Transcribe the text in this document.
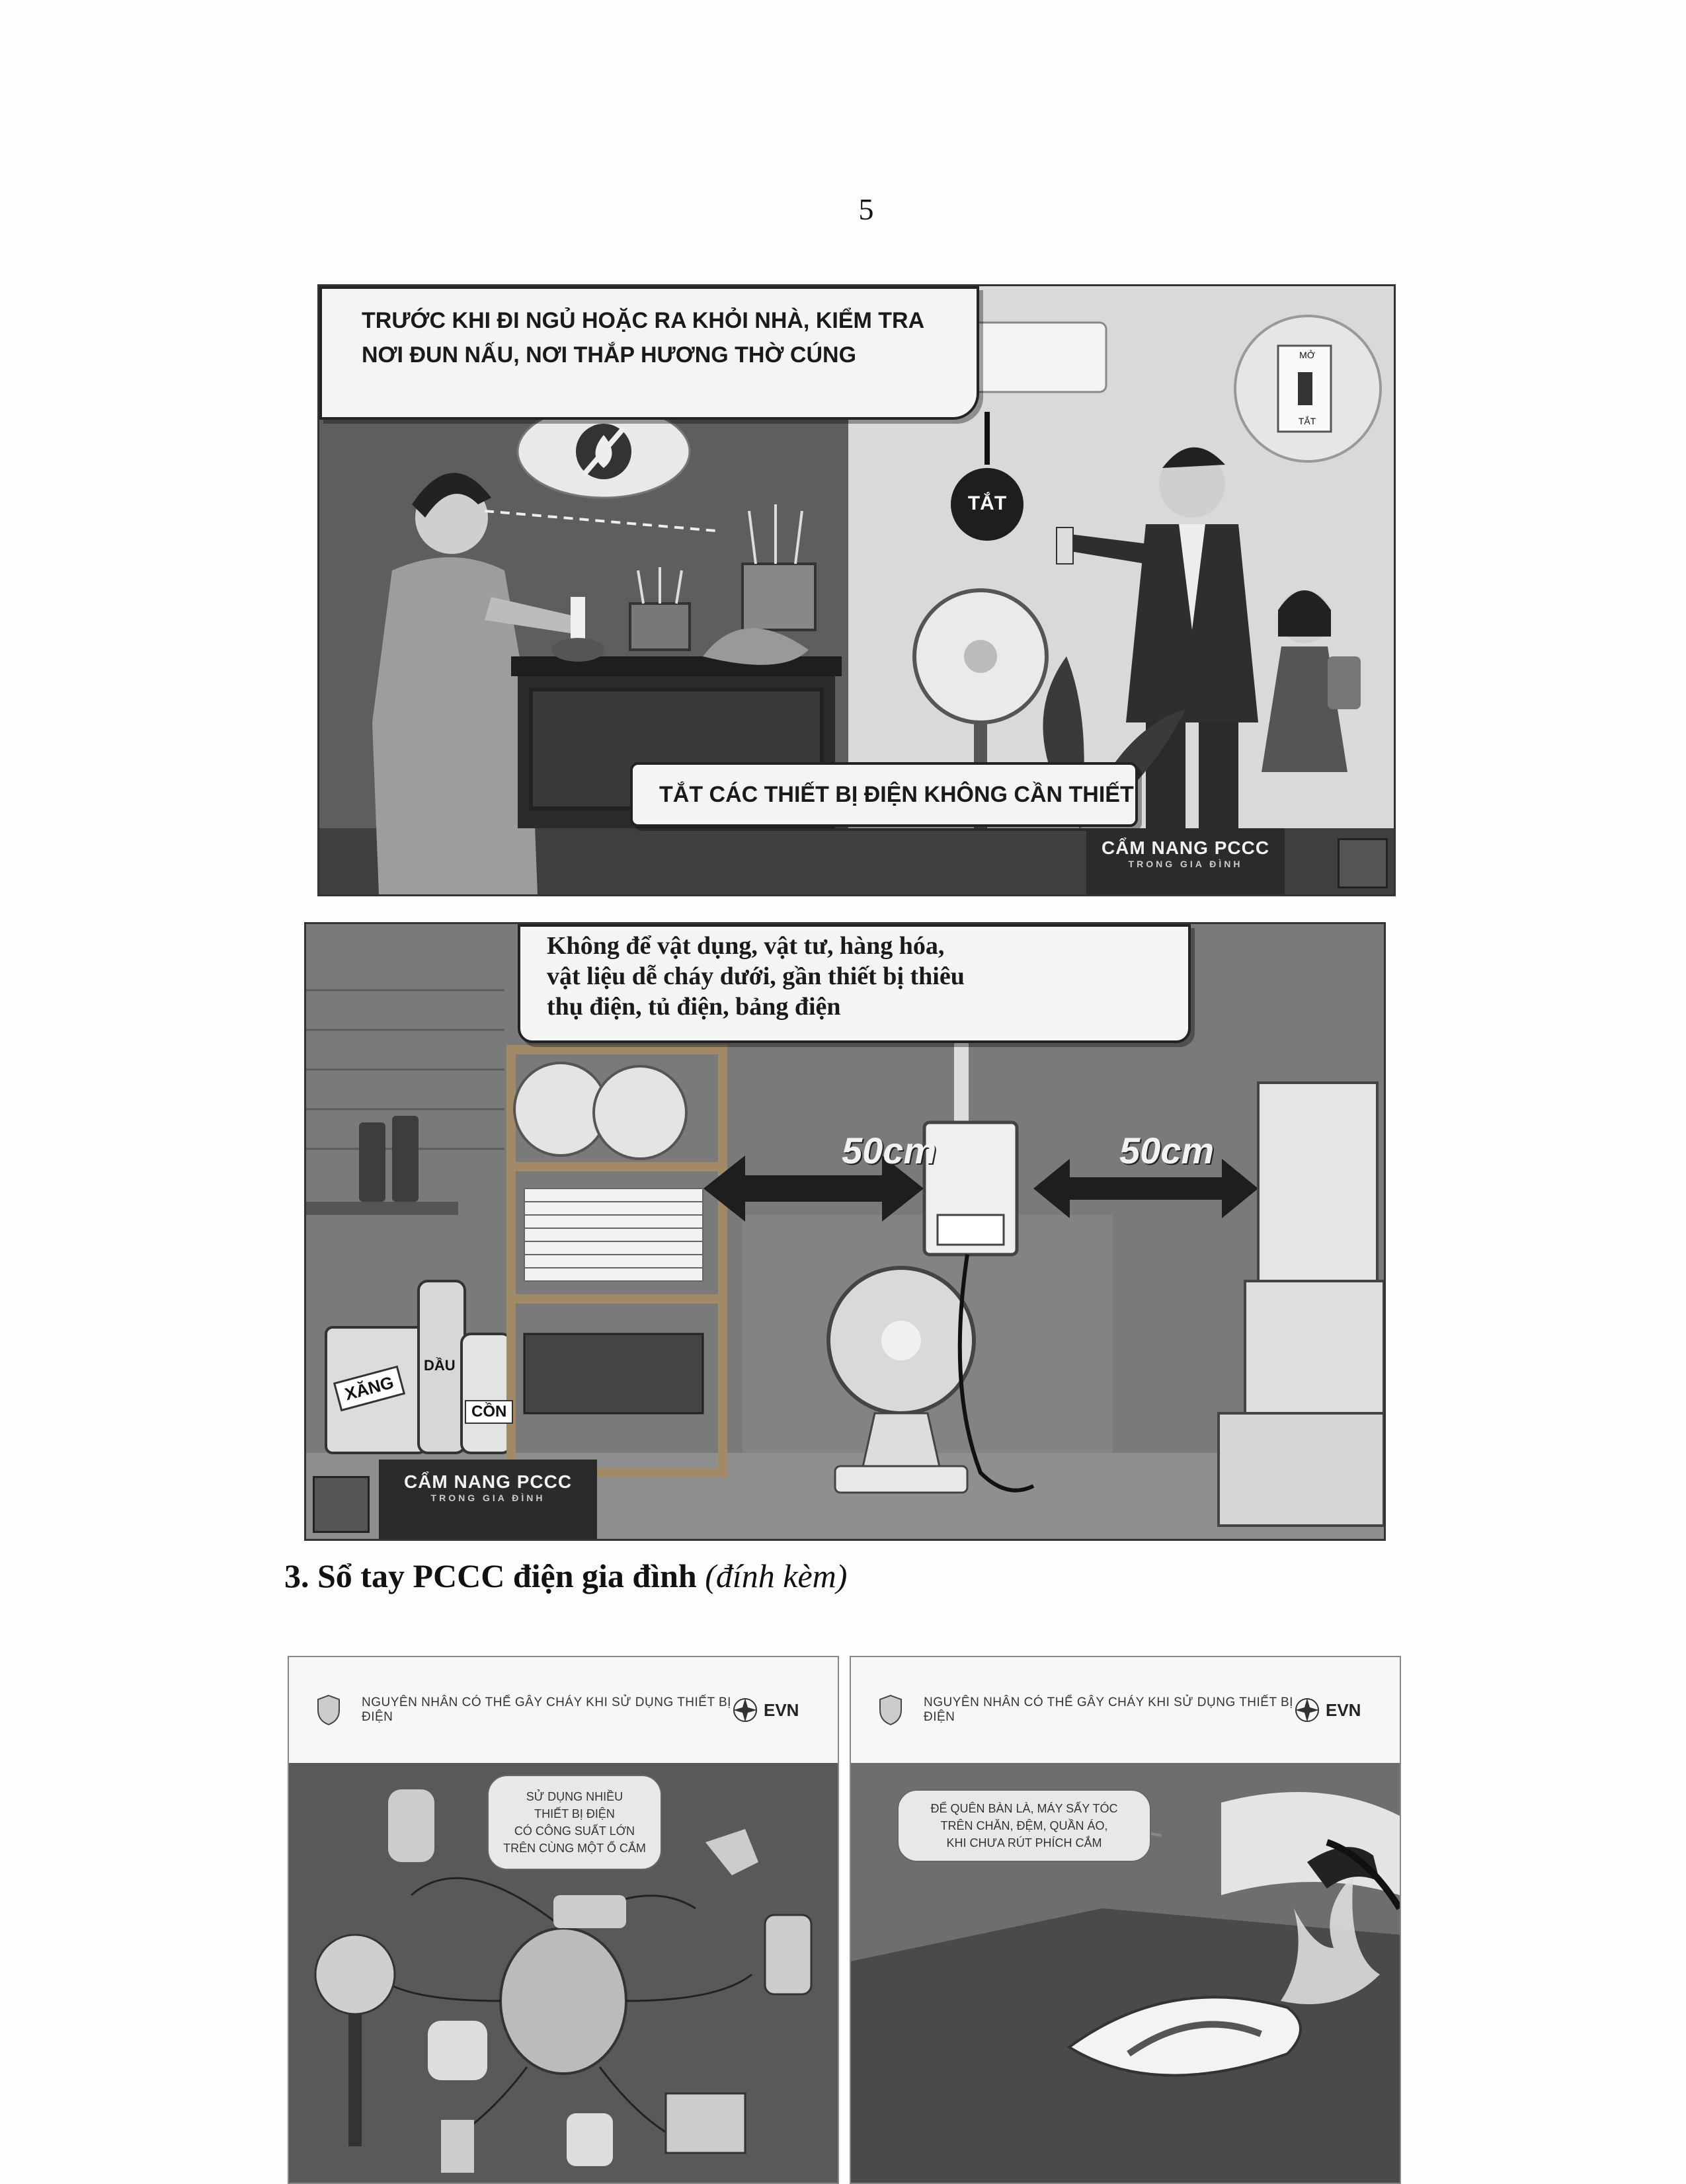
5
TRƯỚC KHI ĐI NGỦ HOẶC RA KHỎI NHÀ, KIỂM TRA
NƠI ĐUN NẤU, NƠI THẮP HƯƠNG THỜ CÚNG
TẮT
MỞ
TẮT
TẮT CÁC THIẾT BỊ ĐIỆN KHÔNG CẦN THIẾT
CẨM NANG PCCC
TRONG GIA ĐÌNH
Không để vật dụng, vật tư, hàng hóa,
vật liệu dễ cháy dưới, gần thiết bị thiêu
thụ điện, tủ điện, bảng điện
50cm	50cm
XĂNG
DẦU
CỒN
CẨM NANG PCCC
TRONG GIA ĐÌNH
3. Sổ tay PCCC điện gia đình (đính kèm)
NGUYÊN NHÂN CÓ THỂ GÂY CHÁY KHI SỬ DỤNG THIẾT BỊ ĐIỆN	EVN
SỬ DỤNG NHIỀU
THIẾT BỊ ĐIỆN
CÓ CÔNG SUẤT LỚN
TRÊN CÙNG MỘT Ổ CẮM
NGUYÊN NHÂN CÓ THỂ GÂY CHÁY KHI SỬ DỤNG THIẾT BỊ ĐIỆN	EVN
ĐỂ QUÊN BÀN LÀ, MÁY SẤY TÓC
TRÊN CHĂN, ĐỆM, QUẦN ÁO,
KHI CHƯA RÚT PHÍCH CẮM
